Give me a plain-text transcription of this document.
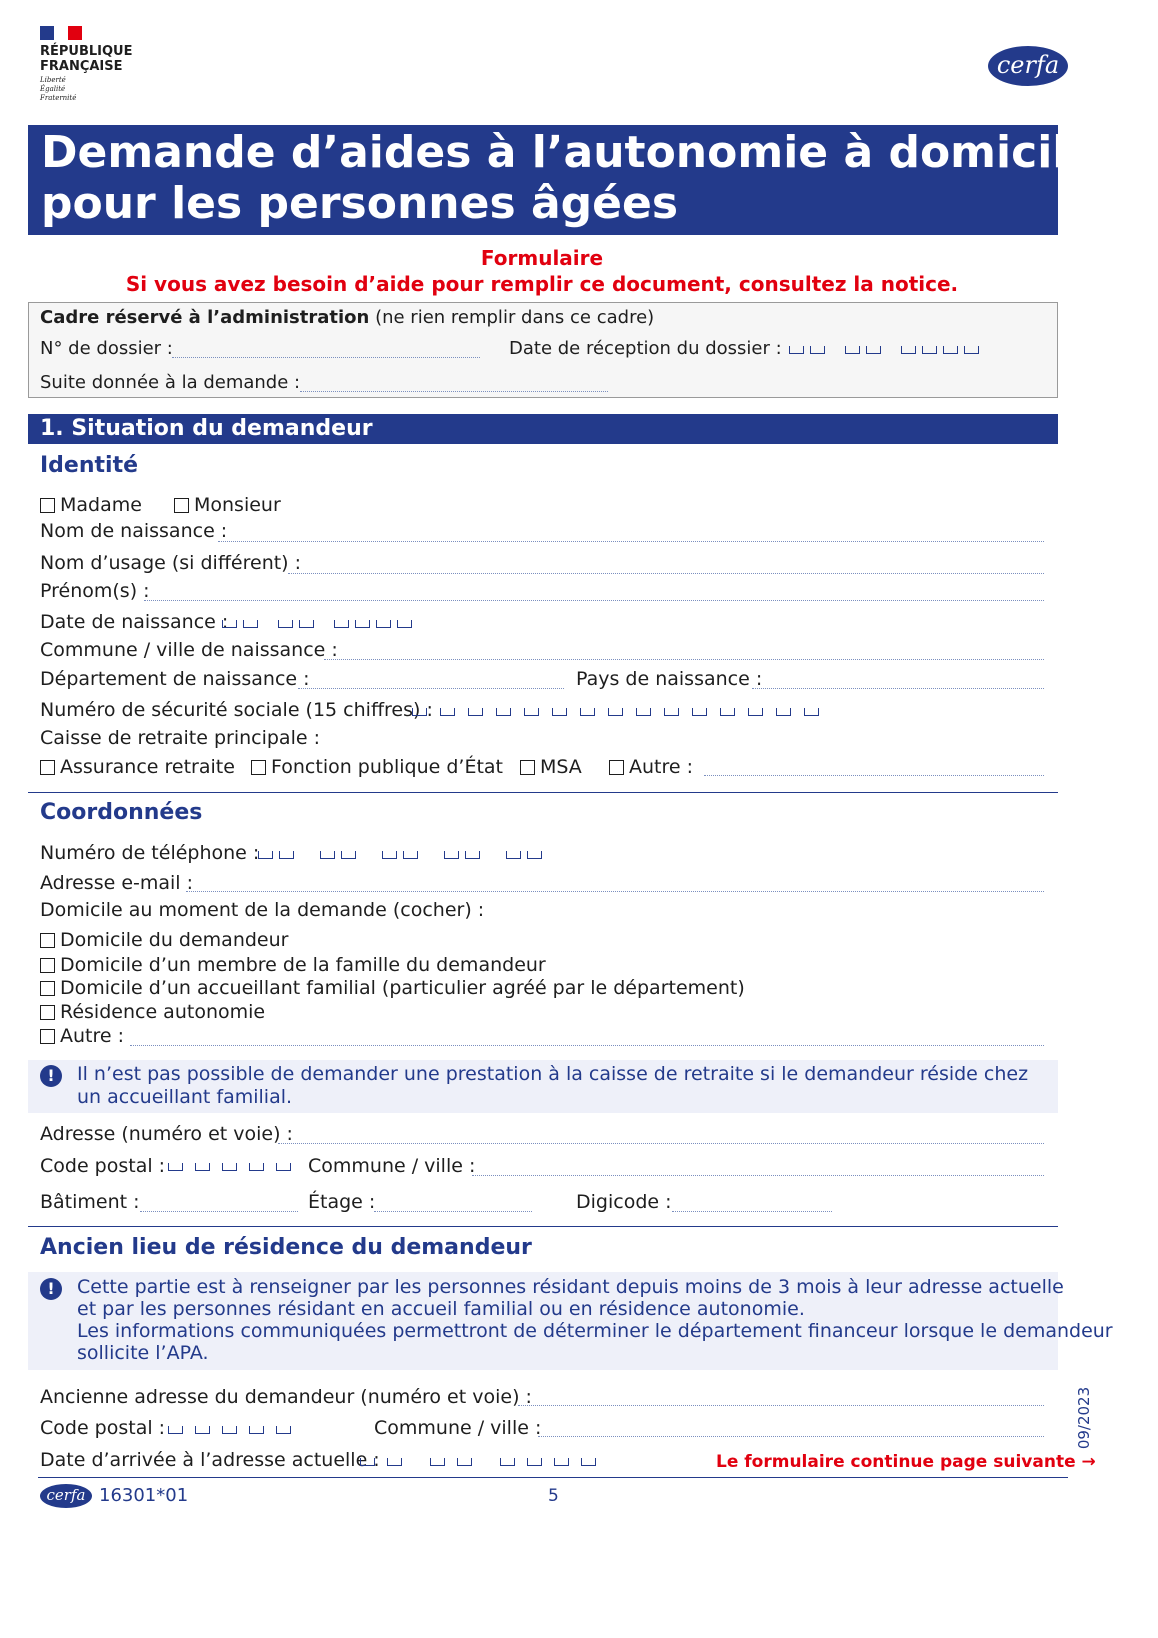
RÉPUBLIQUE
FRANÇAISE
Liberté
Égalité
Fraternité
cerfa
Demande d’aides à l’autonomie à domicile
pour les personnes âgées
Formulaire
Si vous avez besoin d’aide pour remplir ce document, consultez la notice.
Cadre réservé à l’administration (ne rien remplir dans ce cadre)
N° de dossier :	Date de réception du dossier :
Suite donnée à la demande :
1. Situation du demandeur
Identité
Madame	Monsieur
Nom de naissance :
Nom d’usage (si différent) :
Prénom(s) :
Date de naissance :
Commune / ville de naissance :
Département de naissance :	Pays de naissance :
Numéro de sécurité sociale (15 chiffres) :
Caisse de retraite principale :
Assurance retraite	Fonction publique d’État	MSA	Autre :
Coordonnées
Numéro de téléphone :
Adresse e-mail :
Domicile au moment de la demande (cocher) :
Domicile du demandeur
Domicile d’un membre de la famille du demandeur
Domicile d’un accueillant familial (particulier agréé par le département)
Résidence autonomie
Autre :
!	Il n’est pas possible de demander une prestation à la caisse de retraite si le demandeur réside chez
un accueillant familial.
Adresse (numéro et voie) :
Code postal :	Commune / ville :
Bâtiment :	Étage :	Digicode :
Ancien lieu de résidence du demandeur
!	Cette partie est à renseigner par les personnes résidant depuis moins de 3 mois à leur adresse actuelle
et par les personnes résidant en accueil familial ou en résidence autonomie.
Les informations communiquées permettront de déterminer le département financeur lorsque le demandeur
sollicite l’APA.
Ancienne adresse du demandeur (numéro et voie) :
Code postal :	Commune / ville :
Date d’arrivée à l’adresse actuelle :	Le formulaire continue page suivante →
09/2023
cerfa 16301*01	5
